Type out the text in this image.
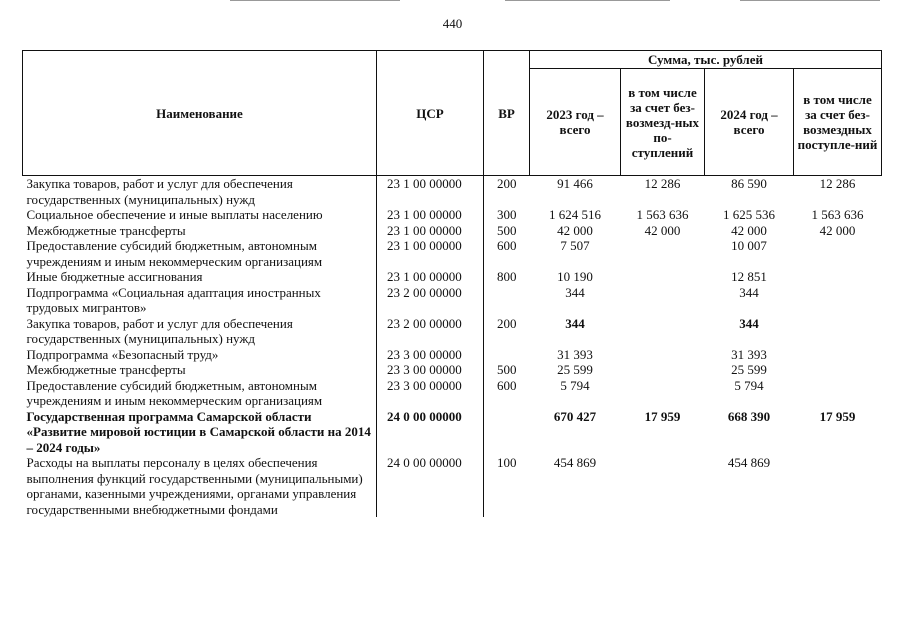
440
Наименование	ЦСР	ВР	Сумма, тыс. рублей			
			2023 год – всего	в том числе за счет без-возмезд-ных по-ступлений	2024 год – всего	в том числе за счет без-возмездных поступле-ний
Закупка товаров, работ и услуг для обеспечения государственных (муниципальных) нужд	23 1 00 00000	200	91 466	12 286	86 590	12 286
Социальное обеспечение и иные выплаты населению	23 1 00 00000	300	1 624 516	1 563 636	1 625 536	1 563 636
Межбюджетные трансферты	23 1 00 00000	500	42 000	42 000	42 000	42 000
Предоставление субсидий бюджетным, автономным учреждениям и иным некоммерческим организациям	23 1 00 00000	600	7 507		10 007	
Иные бюджетные ассигнования	23 1 00 00000	800	10 190		12 851	
Подпрограмма «Социальная адаптация иностранных трудовых мигрантов»	23 2 00 00000		344		344	
Закупка товаров, работ и услуг для обеспечения государственных (муниципальных) нужд	23 2 00 00000	200	344		344	
Подпрограмма «Безопасный труд»	23 3 00 00000		31 393		31 393	
Межбюджетные трансферты	23 3 00 00000	500	25 599		25 599	
Предоставление субсидий бюджетным, автономным учреждениям и иным некоммерческим организациям	23 3 00 00000	600	5 794		5 794	
Государственная программа Самарской области «Развитие мировой юстиции в Самарской области на 2014 – 2024 годы»	24 0 00 00000		670 427	17 959	668 390	17 959
Расходы на выплаты персоналу в целях обеспечения выполнения функций государственными (муниципальными) органами, казенными учреждениями, органами управления государственными внебюджетными фондами	24 0 00 00000	100	454 869		454 869	
